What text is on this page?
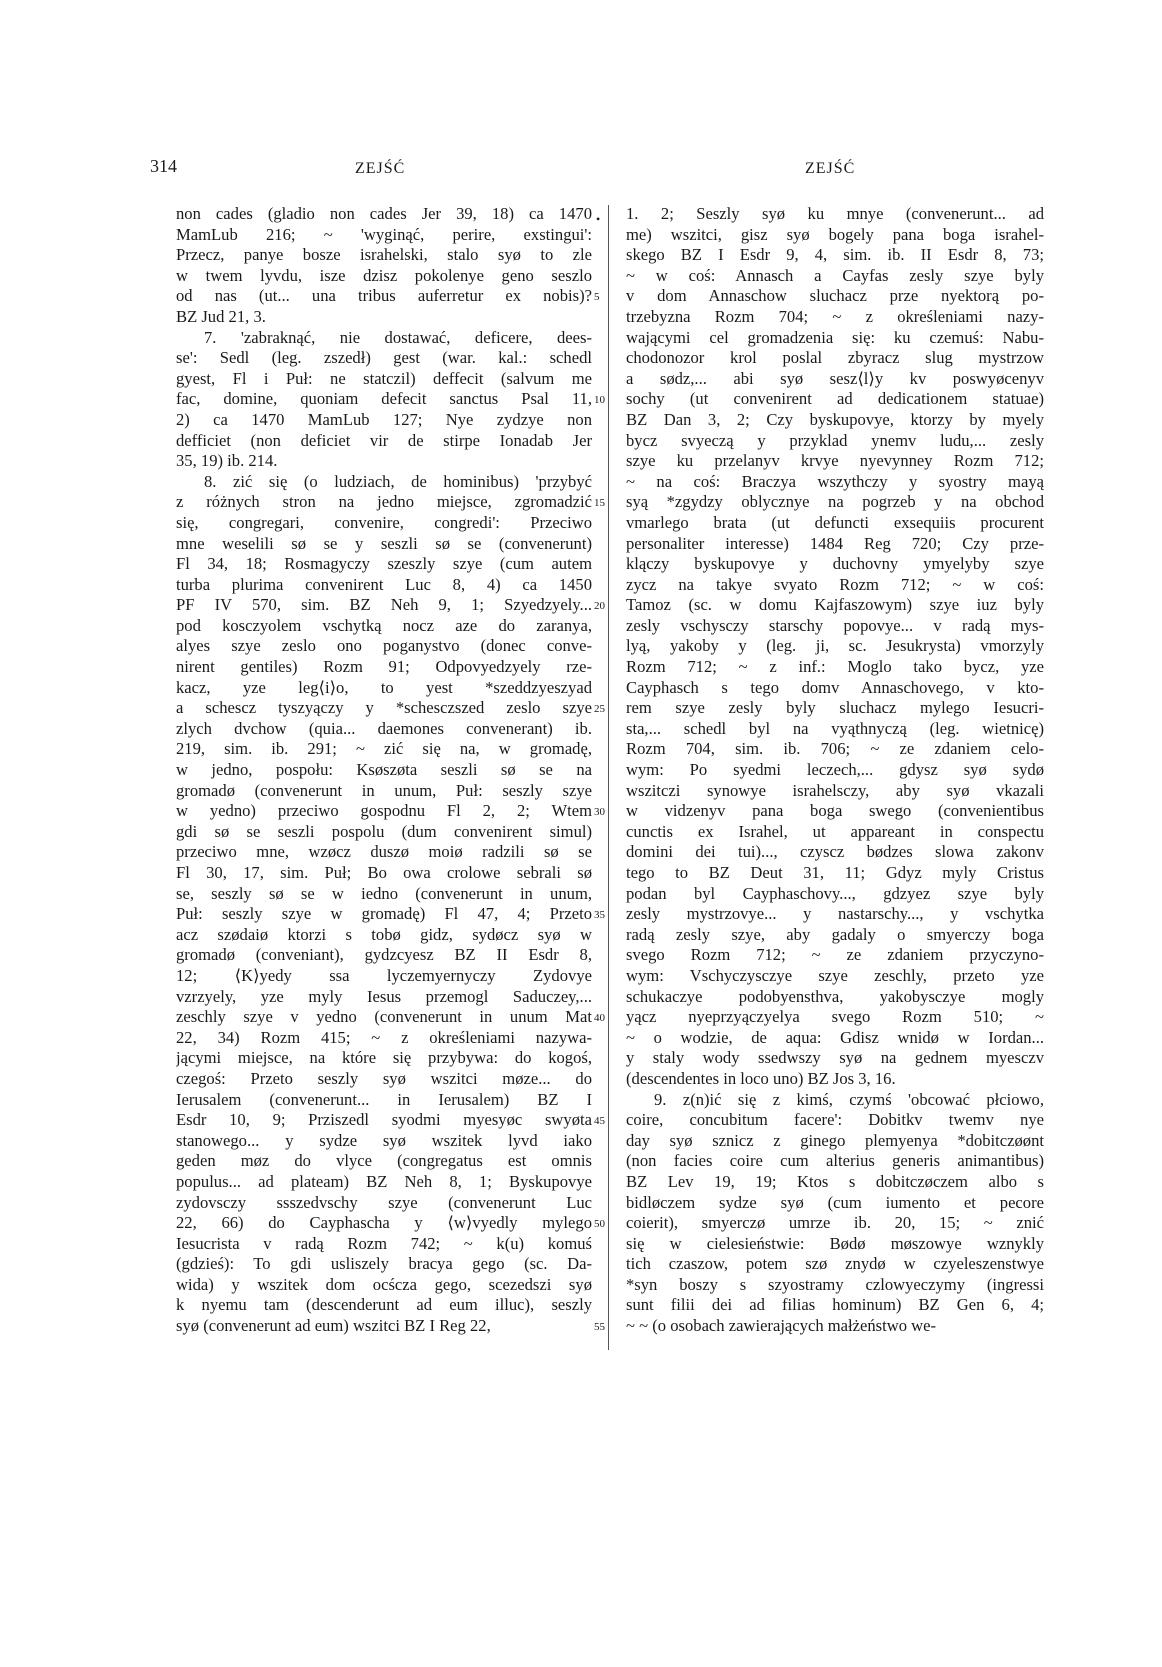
314	ZEJŚĆ	ZEJŚĆ
•
5
10
15
20
25
30
35
40
45
50
55
non cades (gladio non cades Jer 39, 18) ca 1470
MamLub 216; ~ 'wyginąć, perire, exstingui':
Przecz, panye bosze israhelski, stalo syø to zle
w twem lyvdu, isze dzisz pokolenye geno seszlo
od nas (ut... una tribus auferretur ex nobis)?
BZ Jud 21, 3.
7. 'zabraknąć, nie dostawać, deficere, dees-
se': Sedl (leg. zszedł) gest (war. kal.: schedl
gyest, Fl i Puł: ne statczil) deffecit (salvum me
fac, domine, quoniam defecit sanctus Psal 11,
2) ca 1470 MamLub 127; Nye zydzye non
defficiet (non deficiet vir de stirpe Ionadab Jer
35, 19) ib. 214.
8. zić się (o ludziach, de hominibus) 'przybyć
z różnych stron na jedno miejsce, zgromadzić
się, congregari, convenire, congredi': Przeciwo
mne weselili sø se y seszli sø se (convenerunt)
Fl 34, 18; Rosmagyczy szeszly szye (cum autem
turba plurima convenirent Luc 8, 4) ca 1450
PF IV 570, sim. BZ Neh 9, 1; Szyedzyely...
pod kosczyolem vschytką nocz aze do zaranya,
alyes szye zeslo ono poganystvo (donec conve-
nirent gentiles) Rozm 91; Odpovyedzyely rze-
kacz, yze leg⟨i⟩o, to yest *szeddzyeszyad
a schescz tyszyączy y *schesczszed zeslo szye
zlych dvchow (quia... daemones convenerant) ib.
219, sim. ib. 291; ~ zić się na, w gromadę,
w jedno, pospołu: Ksøszøta seszli sø se na
gromadø (convenerunt in unum, Puł: seszly szye
w yedno) przeciwo gospodnu Fl 2, 2; Wtem
gdi sø se seszli pospolu (dum convenirent simul)
przeciwo mne, wzøcz duszø moiø radzili sø se
Fl 30, 17, sim. Puł; Bo owa crolowe sebrali sø
se, seszly sø se w iedno (convenerunt in unum,
Puł: seszly szye w gromadę) Fl 47, 4; Przeto
acz szødaiø ktorzi s tobø gidz, sydøcz syø w
gromadø (conveniant), gydzcyesz BZ II Esdr 8,
12; ⟨K⟩yedy ssa lyczemyernyczy Zydovye
vzrzyely, yze myly Iesus przemogl Saduczey,...
zeschly szye v yedno (convenerunt in unum Mat
22, 34) Rozm 415; ~ z określeniami nazywa-
jącymi miejsce, na które się przybywa: do kogoś,
czegoś: Przeto seszly syø wszitci møze... do
Ierusalem (convenerunt... in Ierusalem) BZ I
Esdr 10, 9; Prziszedl syodmi myesyøc swyøta
stanowego... y sydze syø wszitek lyvd iako
geden møz do vlyce (congregatus est omnis
populus... ad plateam) BZ Neh 8, 1; Byskupovye
zydovsczy ssszedvschy szye (convenerunt Luc
22, 66) do Cayphascha y ⟨w⟩vyedly mylego
Iesucrista v radą Rozm 742; ~ k(u) komuś
(gdzieś): To gdi usliszely bracya gego (sc. Da-
wida) y wszitek dom ocścza gego, scezedszi syø
k nyemu tam (descenderunt ad eum illuc), seszly
syø (convenerunt ad eum) wszitci BZ I Reg 22,
1. 2; Seszly syø ku mnye (convenerunt... ad
me) wszitci, gisz syø bogely pana boga israhel-
skego BZ I Esdr 9, 4, sim. ib. II Esdr 8, 73;
~ w coś: Annasch a Cayfas zesly szye byly
v dom Annaschow sluchacz prze nyektorą po-
trzebyzna Rozm 704; ~ z określeniami nazy-
wającymi cel gromadzenia się: ku czemuś: Nabu-
chodonozor krol poslal zbyracz slug mystrzow
a sødz,... abi syø sesz⟨l⟩y kv poswyøcenyv
sochy (ut convenirent ad dedicationem statuae)
BZ Dan 3, 2; Czy byskupovye, ktorzy by myely
bycz svyeczą y przyklad ynemv ludu,... zesly
szye ku przelanyv krvye nyevynney Rozm 712;
~ na coś: Braczya wszythczy y syostry mayą
syą *zgydzy oblycznye na pogrzeb y na obchod
vmarlego brata (ut defuncti exsequiis procurent
personaliter interesse) 1484 Reg 720; Czy prze-
klączy byskupovye y duchovny ymyelyby szye
zycz na takye svyato Rozm 712; ~ w coś:
Tamoz (sc. w domu Kajfaszowym) szye iuz byly
zesly vschysczy starschy popovye... v radą mys-
lyą, yakoby y (leg. ji, sc. Jesukrysta) vmorzyly
Rozm 712; ~ z inf.: Moglo tako bycz, yze
Cayphasch s tego domv Annaschovego, v kto-
rem szye zesly byly sluchacz mylego Iesucri-
sta,... schedl byl na vyąthnyczą (leg. wietnicę)
Rozm 704, sim. ib. 706; ~ ze zdaniem celo-
wym: Po syedmi leczech,... gdysz syø sydø
wszitczi synowye israhelsczy, aby syø vkazali
w vidzenyv pana boga swego (convenientibus
cunctis ex Israhel, ut appareant in conspectu
domini dei tui)..., czyscz bødzes slowa zakonv
tego to BZ Deut 31, 11; Gdyz myly Cristus
podan byl Cayphaschovy..., gdzyez szye byly
zesly mystrzovye... y nastarschy..., y vschytka
radą zesly szye, aby gadaly o smyerczy boga
svego Rozm 712; ~ ze zdaniem przyczyno-
wym: Vschyczysczye szye zeschly, przeto yze
schukaczye podobyensthva, yakobysczye mogly
yącz nyeprzyączyelya svego Rozm 510; ~
~ o wodzie, de aqua: Gdisz wnidø w Iordan...
y staly wody ssedwszy syø na gednem myesczv
(descendentes in loco uno) BZ Jos 3, 16.
9. z(n)ić się z kimś, czymś 'obcować płciowo,
coire, concubitum facere': Dobitkv twemv nye
day syø sznicz z ginego plemyenya *dobitczøønt
(non facies coire cum alterius generis animantibus)
BZ Lev 19, 19; Ktos s dobitczøczem albo s
bidløczem sydze syø (cum iumento et pecore
coierit), smyerczø umrze ib. 20, 15; ~ znić
się w cielesieństwie: Bødø møszowye wznykly
tich czaszow, potem szø znydø w czyeleszenstwye
*syn boszy s szyostramy czlowyeczymy (ingressi
sunt filii dei ad filias hominum) BZ Gen 6, 4;
~ ~ (o osobach zawierających małżeństwo we-
